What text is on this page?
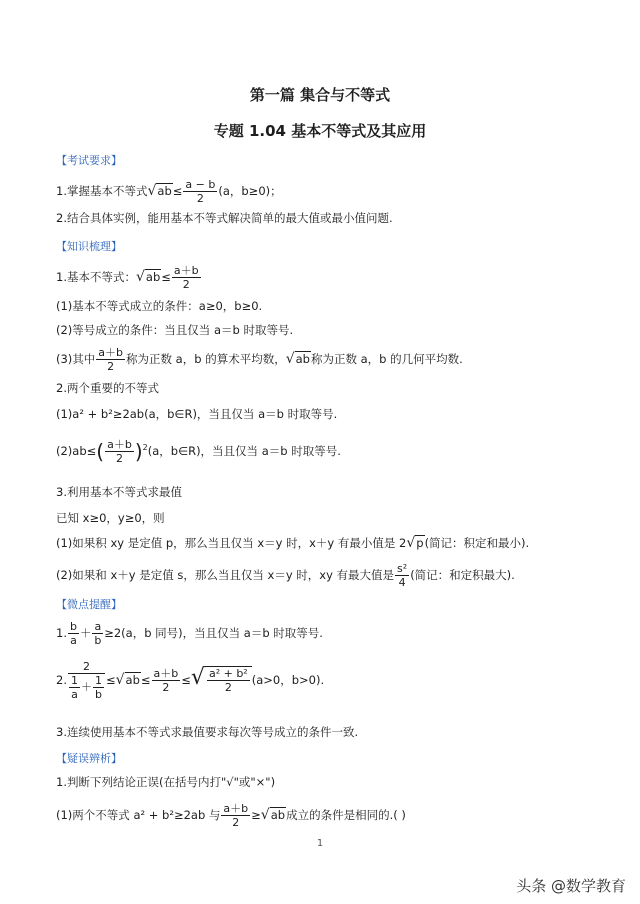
第一篇 集合与不等式
专题 1.04 基本不等式及其应用
【考试要求】
1.掌握基本不等式$√ab\le \frac{a - b}{2} (a$，b≥0)；
2.结合具体实例，能用基本不等式解决简单的最大值或最小值问题.
【知识梳理】
1.基本不等式：$√ab\le \frac{a+b}{2}$
(1)基本不等式成立的条件：a≥0，b≥0.
(2)等号成立的条件：当且仅当 a＝b 时取等号.
(3)其中 $\frac{a+b}{2}$ 称为正数 a，b 的算术平均数，√ab称为正数 a，b 的几何平均数.
2.两个重要的不等式
(1)a² + b²≥2ab(a，b∈R)，当且仅当 a＝b 时取等号.
$(2)ab\le( \frac{a+b}{2} )^2(a$，b∈R)，当且仅当 a＝b 时取等号.
3.利用基本不等式求最值
已知 x≥0，y≥0，则
(1)如果积 xy 是定值 p，那么当且仅当 x＝y 时，x＋y 有最小值是 2√p(简记：积定和最小).
(2)如果和 x＋y 是定值 s，那么当且仅当 x＝y 时，xy 有最大值是 $\frac{\text{s²}}{4}$ (简记：和定积最大).
【微点提醒】
1. $\frac{b}{a} + \frac{a}{b} \ge 2(a$，b 同号)，当且仅当 a＝b 时取等号.
2. $\frac{2}{\frac{1}{a} + \frac{1}{b}} \le√ab\le \frac{a+b}{2}$ ≤√ $\frac{\text{a² + b²}}{2} (a>0$，b>0).
3.连续使用基本不等式求最值要求每次等号成立的条件一致.
【疑误辨析】
1.判断下列结论正误(在括号内打"√"或"×")
(1)两个不等式 a² + b²≥2ab 与 $\frac{a+b}{2} \ge√ab$成立的条件是相同的.( )
1
头条 @数学教育
